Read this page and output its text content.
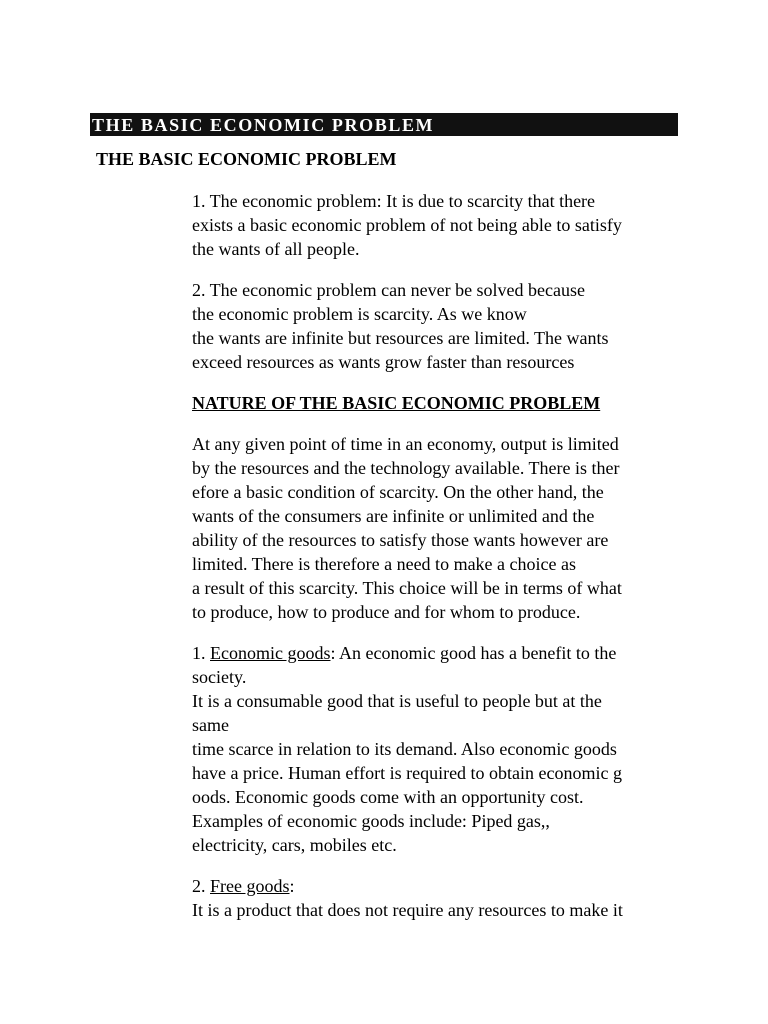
THE BASIC ECONOMIC PROBLEM
THE BASIC ECONOMIC PROBLEM

1. The economic problem: It is due to scarcity that there
exists a basic economic problem of not being able to satisfy
the wants of all people.

2. The economic problem can never be solved because
the economic problem is scarcity. As we know
the wants are infinite but resources are limited. The wants
exceed resources as wants grow faster than resources

NATURE OF THE BASIC ECONOMIC PROBLEM

At any given point of time in an economy, output is limited
by the resources and the technology available. There is ther
efore a basic condition of scarcity. On the other hand, the
wants of the consumers are infinite or unlimited and the
ability of the resources to satisfy those wants however are
limited. There is therefore a need to make a choice as
a result of this scarcity. This choice will be in terms of what
to produce, how to produce and for whom to produce.

1. Economic goods: An economic good has a benefit to the
society.
It is a consumable good that is useful to people but at the
same
time scarce in relation to its demand. Also economic goods
have a price. Human effort is required to obtain economic g
oods. Economic goods come with an opportunity cost.
Examples of economic goods include: Piped gas,,
electricity, cars, mobiles etc.

2. Free goods:
It is a product that does not require any resources to make it
